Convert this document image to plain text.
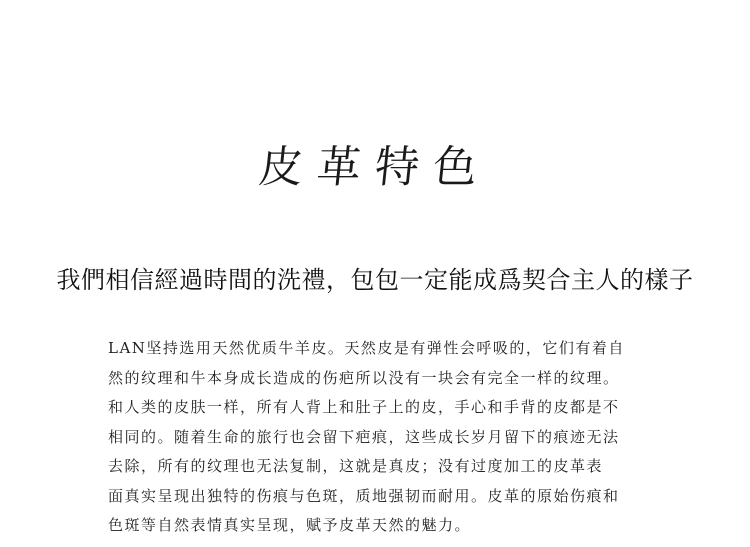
皮革特色
我們相信經過時間的洗禮，包包一定能成爲契合主人的樣子
LAN坚持选用天然优质牛羊皮。天然皮是有弹性会呼吸的，它们有着自
然的纹理和牛本身成长造成的伤疤所以没有一块会有完全一样的纹理。
和人类的皮肤一样，所有人背上和肚子上的皮，手心和手背的皮都是不
相同的。随着生命的旅行也会留下疤痕，这些成长岁月留下的痕迹无法
去除，所有的纹理也无法复制，这就是真皮；没有过度加工的皮革表
面真实呈现出独特的伤痕与色斑，质地强韧而耐用。皮革的原始伤痕和
色斑等自然表情真实呈现，赋予皮革天然的魅力。
